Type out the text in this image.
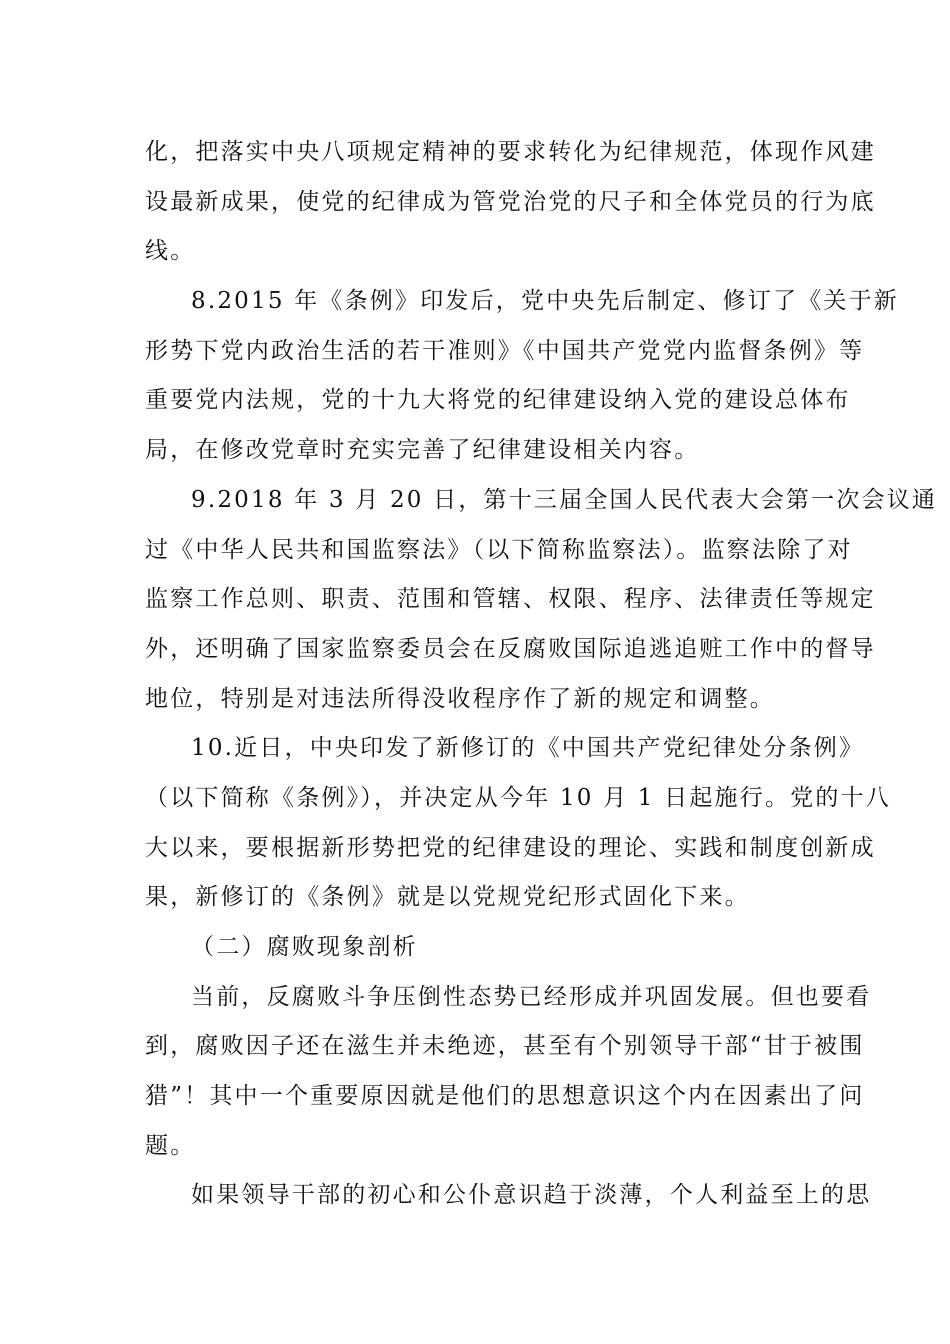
化，把落实中央八项规定精神的要求转化为纪律规范，体现作风建
设最新成果，使党的纪律成为管党治党的尺子和全体党员的行为底
线。
8.2015 年《条例》印发后，党中央先后制定、修订了《关于新
形势下党内政治生活的若干准则》《中国共产党党内监督条例》等
重要党内法规，党的十九大将党的纪律建设纳入党的建设总体布
局，在修改党章时充实完善了纪律建设相关内容。
9.2018 年 3 月 20 日，第十三届全国人民代表大会第一次会议通
过《中华人民共和国监察法》（以下简称监察法）。监察法除了对
监察工作总则、职责、范围和管辖、权限、程序、法律责任等规定
外，还明确了国家监察委员会在反腐败国际追逃追赃工作中的督导
地位，特别是对违法所得没收程序作了新的规定和调整。
10.近日，中央印发了新修订的《中国共产党纪律处分条例》
（以下简称《条例》），并决定从今年 10 月 1 日起施行。党的十八
大以来，要根据新形势把党的纪律建设的理论、实践和制度创新成
果，新修订的《条例》就是以党规党纪形式固化下来。
（二）腐败现象剖析
当前，反腐败斗争压倒性态势已经形成并巩固发展。但也要看
到，腐败因子还在滋生并未绝迹，甚至有个别领导干部“甘于被围
猎”！其中一个重要原因就是他们的思想意识这个内在因素出了问
题。
如果领导干部的初心和公仆意识趋于淡薄，个人利益至上的思
